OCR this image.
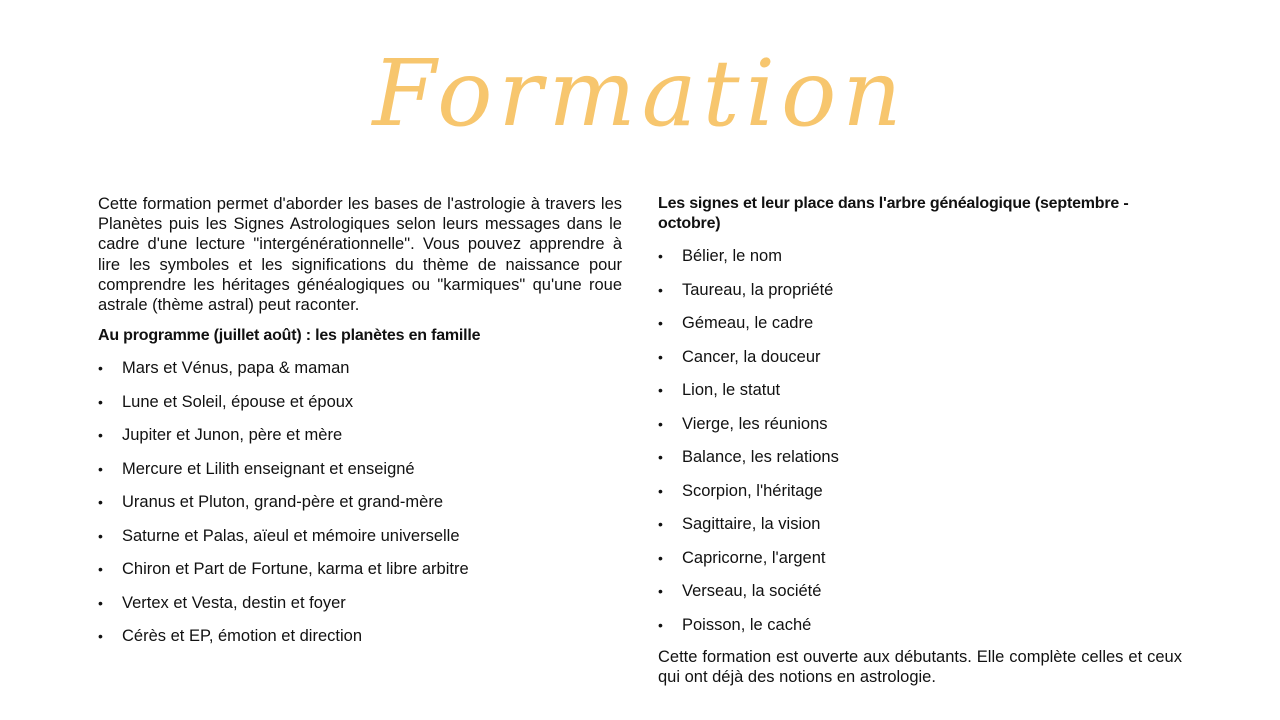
Formation

Cette formation permet d'aborder les bases de l'astrologie à travers les Planètes puis les Signes Astrologiques selon leurs messages dans le cadre d'une lecture "intergénérationnelle". Vous pouvez apprendre à lire les symboles et les significations du thème de naissance pour comprendre les héritages généalogiques ou "karmiques" qu'une roue astrale (thème astral) peut raconter.

Au programme (juillet août) : les planètes en famille
• Mars et Vénus, papa & maman
• Lune et Soleil, épouse et époux
• Jupiter et Junon, père et mère
• Mercure et Lilith enseignant et enseigné
• Uranus et Pluton, grand-père et grand-mère
• Saturne et Palas, aïeul et mémoire universelle
• Chiron et Part de Fortune, karma et libre arbitre
• Vertex et Vesta, destin et foyer
• Cérès et EP, émotion et direction
Les signes et leur place dans l'arbre généalogique (septembre - octobre)
• Bélier, le nom
• Taureau, la propriété
• Gémeau, le cadre
• Cancer, la douceur
• Lion, le statut
• Vierge, les réunions
• Balance, les relations
• Scorpion, l'héritage
• Sagittaire, la vision
• Capricorne, l'argent
• Verseau, la société
• Poisson, le caché

Cette formation est ouverte aux débutants. Elle complète celles et ceux qui ont déjà des notions en astrologie.
